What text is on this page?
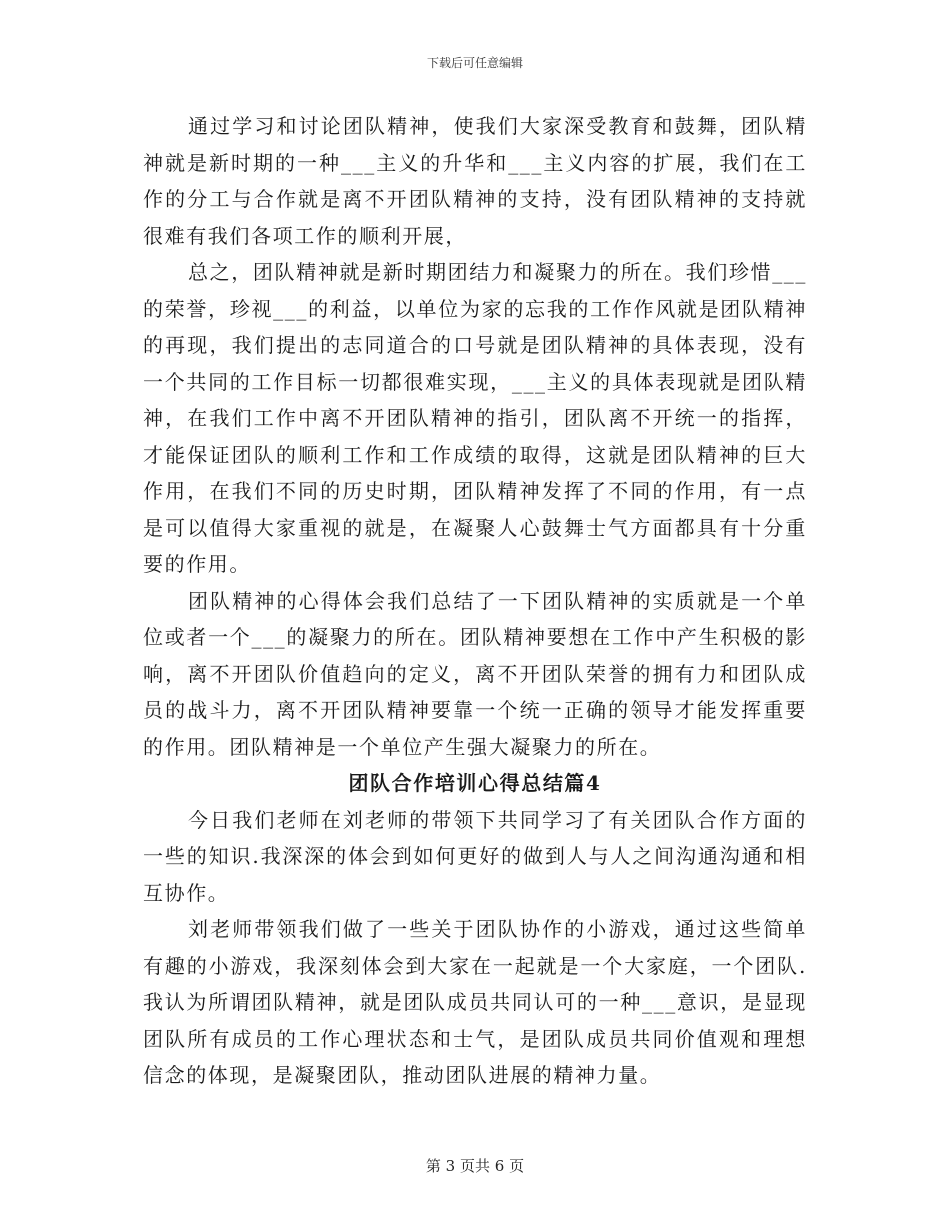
下载后可任意编辑

通过学习和讨论团队精神，使我们大家深受教育和鼓舞，团队精神就是新时期的一种___主义的升华和___主义内容的扩展，我们在工作的分工与合作就是离不开团队精神的支持，没有团队精神的支持就很难有我们各项工作的顺利开展，

总之，团队精神就是新时期团结力和凝聚力的所在。我们珍惜___的荣誉，珍视___的利益，以单位为家的忘我的工作作风就是团队精神的再现，我们提出的志同道合的口号就是团队精神的具体表现，没有一个共同的工作目标一切都很难实现，___主义的具体表现就是团队精神，在我们工作中离不开团队精神的指引，团队离不开统一的指挥，才能保证团队的顺利工作和工作成绩的取得，这就是团队精神的巨大作用，在我们不同的历史时期，团队精神发挥了不同的作用，有一点是可以值得大家重视的就是，在凝聚人心鼓舞士气方面都具有十分重要的作用。

团队精神的心得体会我们总结了一下团队精神的实质就是一个单位或者一个___的凝聚力的所在。团队精神要想在工作中产生积极的影响，离不开团队价值趋向的定义，离不开团队荣誉的拥有力和团队成员的战斗力，离不开团队精神要靠一个统一正确的领导才能发挥重要的作用。团队精神是一个单位产生强大凝聚力的所在。

团队合作培训心得总结篇4

今日我们老师在刘老师的带领下共同学习了有关团队合作方面的一些的知识.我深深的体会到如何更好的做到人与人之间沟通沟通和相互协作。

刘老师带领我们做了一些关于团队协作的小游戏，通过这些简单有趣的小游戏，我深刻体会到大家在一起就是一个大家庭，一个团队.我认为所谓团队精神，就是团队成员共同认可的一种___意识，是显现团队所有成员的工作心理状态和士气，是团队成员共同价值观和理想信念的体现，是凝聚团队，推动团队进展的精神力量。

第 3 页共 6 页
